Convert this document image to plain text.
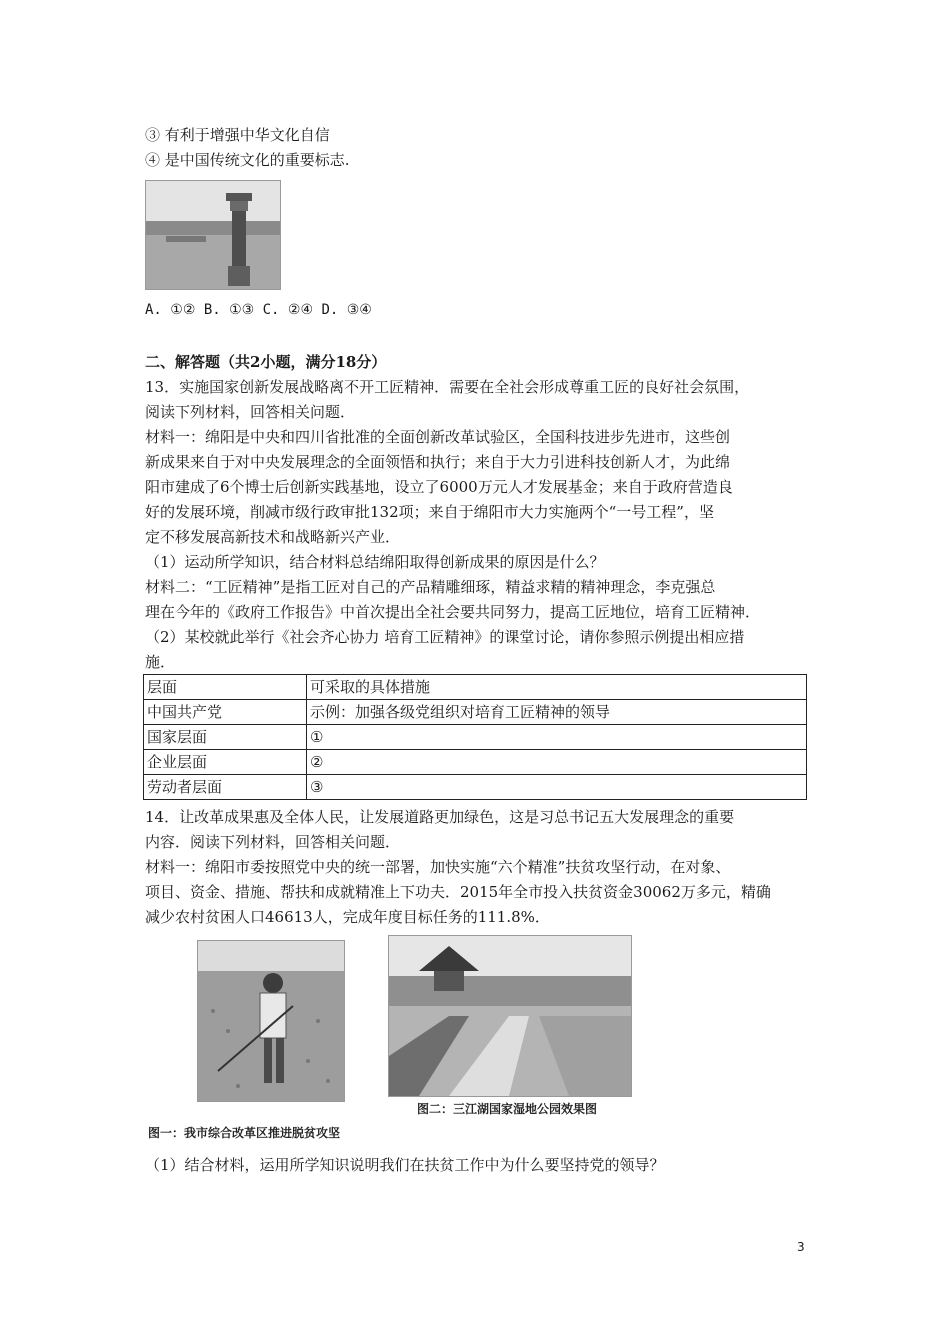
③ 有利于增强中华文化自信
④ 是中国传统文化的重要标志.
A. ①② B. ①③ C. ②④ D. ③④
二、解答题（共2小题，满分18分）
13．实施国家创新发展战略离不开工匠精神．需要在全社会形成尊重工匠的良好社会氛围，
阅读下列材料，回答相关问题．
材料一：绵阳是中央和四川省批准的全面创新改革试验区，全国科技进步先进市，这些创
新成果来自于对中央发展理念的全面领悟和执行；来自于大力引进科技创新人才，为此绵
阳市建成了6个博士后创新实践基地，设立了6000万元人才发展基金；来自于政府营造良
好的发展环境，削减市级行政审批132项；来自于绵阳市大力实施两个“一号工程”，坚
定不移发展高新技术和战略新兴产业．
（1）运动所学知识，结合材料总结绵阳取得创新成果的原因是什么？
材料二：“工匠精神”是指工匠对自己的产品精雕细琢，精益求精的精神理念，李克强总
理在今年的《政府工作报告》中首次提出全社会要共同努力，提高工匠地位，培育工匠精神．
（2）某校就此举行《社会齐心协力 培育工匠精神》的课堂讨论，请你参照示例提出相应措
施．
层面	可采取的具体措施
中国共产党	示例：加强各级党组织对培育工匠精神的领导
国家层面	①
企业层面	②
劳动者层面	③
14．让改革成果惠及全体人民，让发展道路更加绿色，这是习总书记五大发展理念的重要
内容．阅读下列材料，回答相关问题．
材料一：绵阳市委按照党中央的统一部署，加快实施“六个精准”扶贫攻坚行动，在对象、
项目、资金、措施、帮扶和成就精准上下功夫．2015年全市投入扶贫资金30062万多元，精确
减少农村贫困人口46613人，完成年度目标任务的111.8%．
图一：我市综合改革区推进脱贫攻坚
图二：三江湖国家湿地公园效果图
（1）结合材料，运用所学知识说明我们在扶贫工作中为什么要坚持党的领导？
3
